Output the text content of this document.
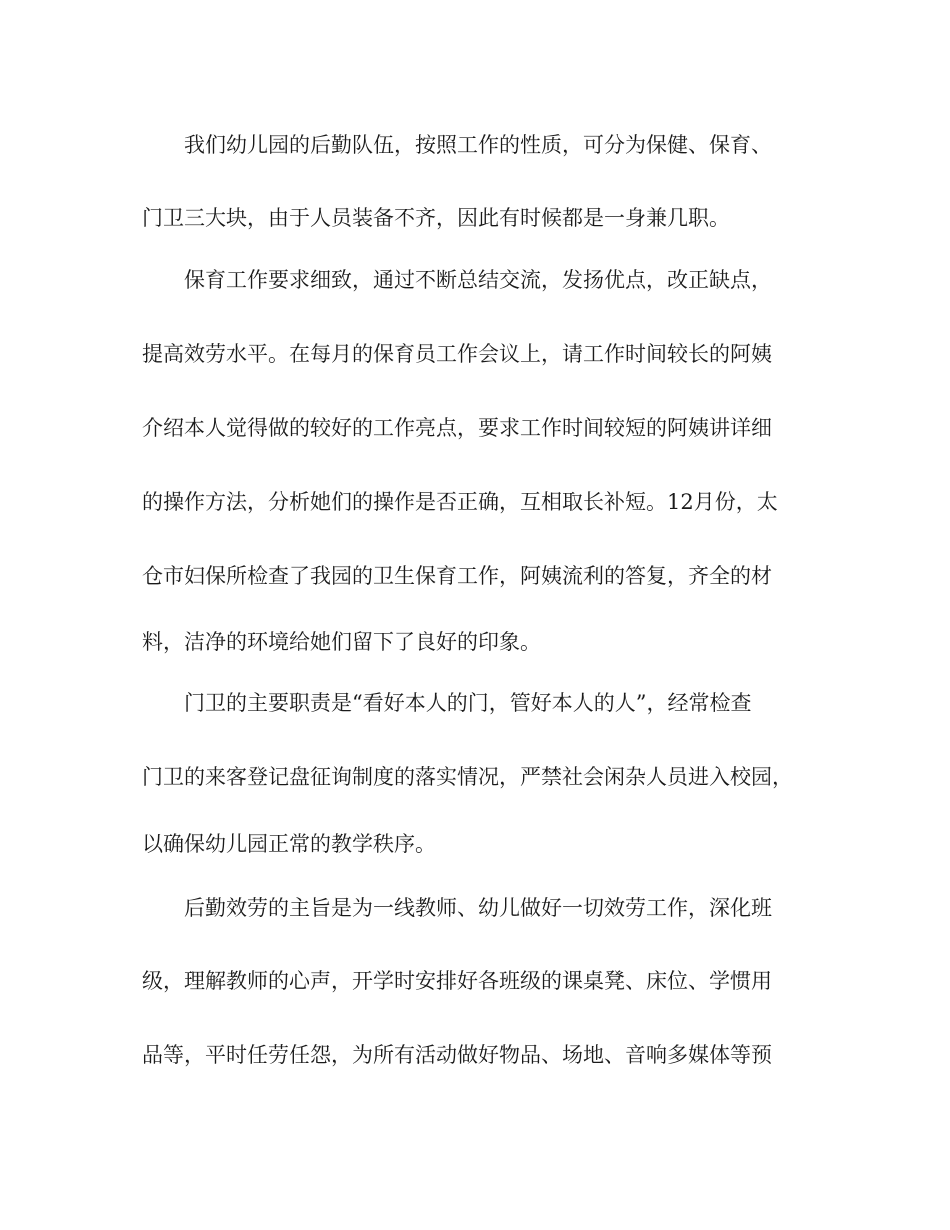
我们幼儿园的后勤队伍，按照工作的性质，可分为保健、保育、
门卫三大块，由于人员装备不齐，因此有时候都是一身兼几职。
保育工作要求细致，通过不断总结交流，发扬优点，改正缺点，
提高效劳水平。在每月的保育员工作会议上，请工作时间较长的阿姨
介绍本人觉得做的较好的工作亮点，要求工作时间较短的阿姨讲详细
的操作方法，分析她们的操作是否正确，互相取长补短。12月份，太
仓市妇保所检查了我园的卫生保育工作，阿姨流利的答复，齐全的材
料，洁净的环境给她们留下了良好的印象。
门卫的主要职责是“看好本人的门，管好本人的人”，经常检查
门卫的来客登记盘征询制度的落实情况，严禁社会闲杂人员进入校园，
以确保幼儿园正常的教学秩序。
后勤效劳的主旨是为一线教师、幼儿做好一切效劳工作，深化班
级，理解教师的心声，开学时安排好各班级的课桌凳、床位、学惯用
品等，平时任劳任怨，为所有活动做好物品、场地、音响多媒体等预
